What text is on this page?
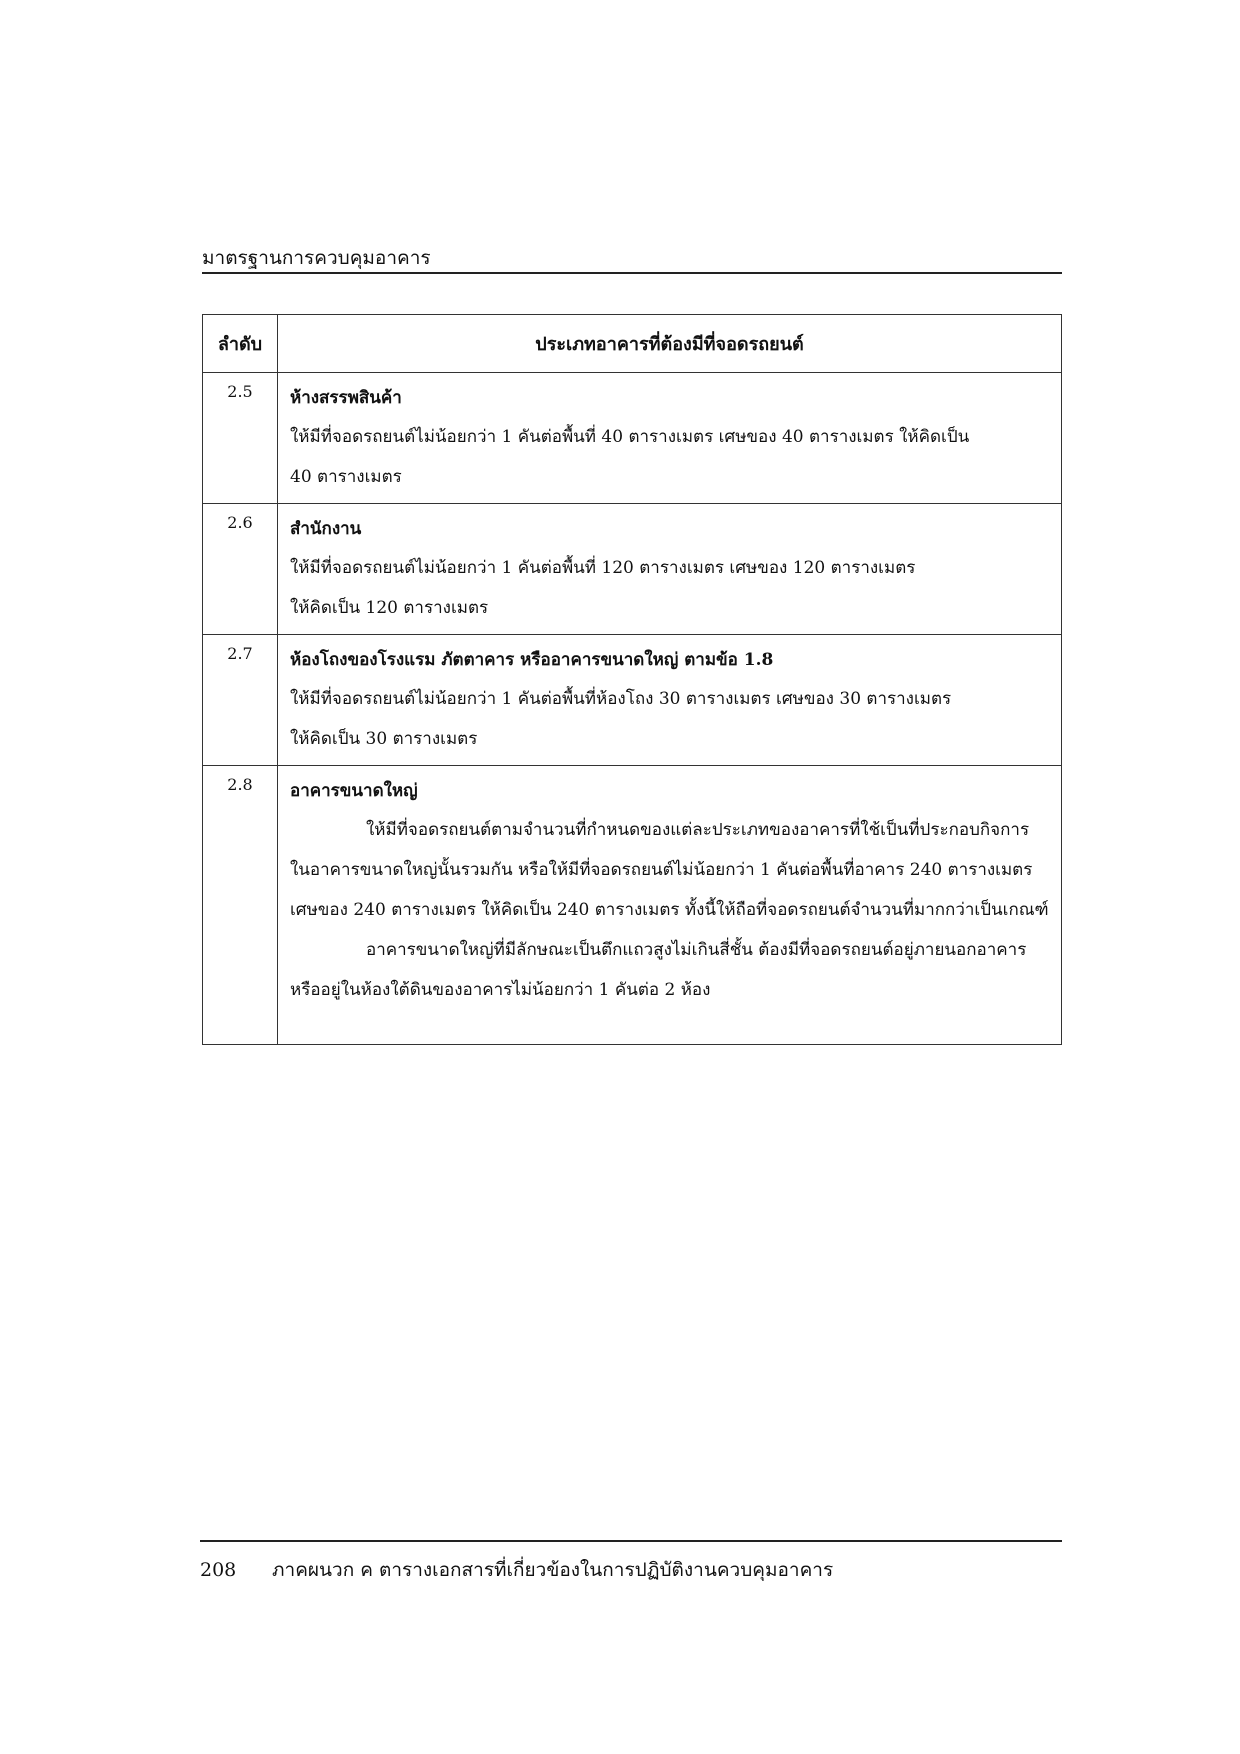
มาตรฐานการควบคุมอาคาร
ลำดับ	ประเภทอาคารที่ต้องมีที่จอดรถยนต์
2.5	ห้างสรรพสินค้า

ให้มีที่จอดรถยนต์ไม่น้อยกว่า 1 คันต่อพื้นที่ 40 ตารางเมตร เศษของ 40 ตารางเมตร ให้คิดเป็น

40 ตารางเมตร

2.6	สำนักงาน

ให้มีที่จอดรถยนต์ไม่น้อยกว่า 1 คันต่อพื้นที่ 120 ตารางเมตร เศษของ 120 ตารางเมตร

ให้คิดเป็น 120 ตารางเมตร

2.7	ห้องโถงของโรงแรม ภัตตาคาร หรืออาคารขนาดใหญ่ ตามข้อ 1.8

ให้มีที่จอดรถยนต์ไม่น้อยกว่า 1 คันต่อพื้นที่ห้องโถง 30 ตารางเมตร เศษของ 30 ตารางเมตร

ให้คิดเป็น 30 ตารางเมตร

2.8	อาคารขนาดใหญ่

ให้มีที่จอดรถยนต์ตามจำนวนที่กำหนดของแต่ละประเภทของอาคารที่ใช้เป็นที่ประกอบกิจการในอาคารขนาดใหญ่นั้นรวมกัน หรือให้มีที่จอดรถยนต์ไม่น้อยกว่า 1 คันต่อพื้นที่อาคาร 240 ตารางเมตร เศษของ 240 ตารางเมตร ให้คิดเป็น 240 ตารางเมตร ทั้งนี้ให้ถือที่จอดรถยนต์จำนวนที่มากกว่าเป็นเกณฑ์

อาคารขนาดใหญ่ที่มีลักษณะเป็นตึกแถวสูงไม่เกินสี่ชั้น ต้องมีที่จอดรถยนต์อยู่ภายนอกอาคารหรืออยู่ในห้องใต้ดินของอาคารไม่น้อยกว่า 1 คันต่อ 2 ห้อง

208 ภาคผนวก ค ตารางเอกสารที่เกี่ยวข้องในการปฏิบัติงานควบคุมอาคาร
